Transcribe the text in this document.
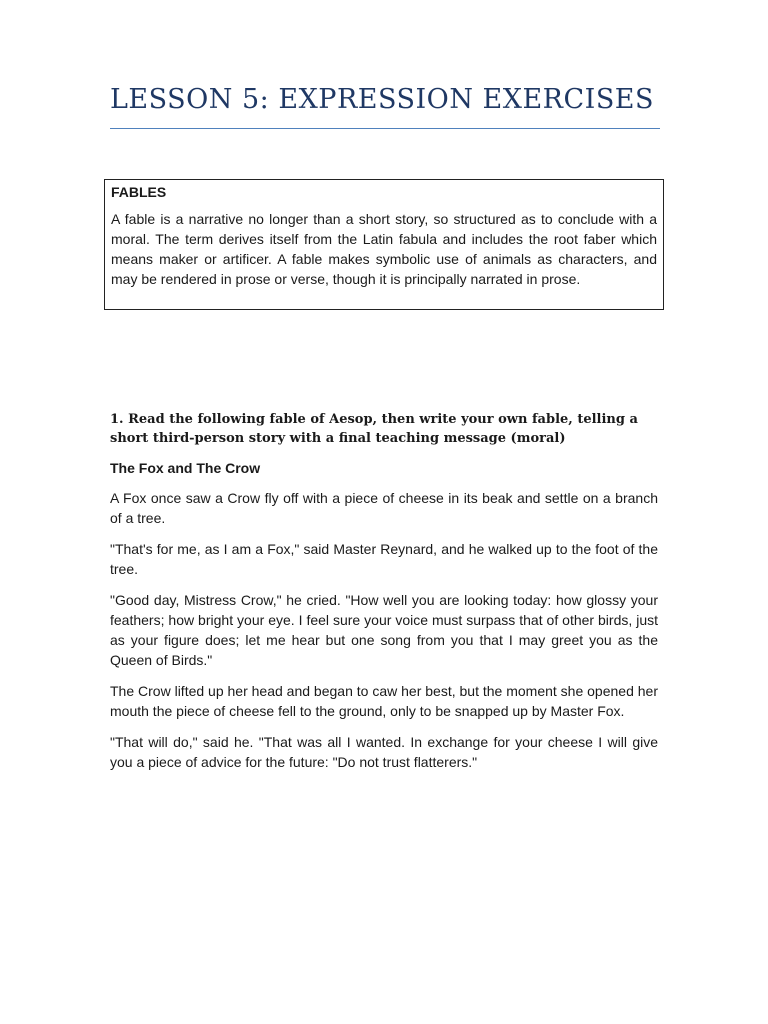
LESSON 5: EXPRESSION EXERCISES

FABLES

A fable is a narrative no longer than a short story, so structured as to conclude with a moral. The term derives itself from the Latin fabula and includes the root faber which means maker or artificer. A fable makes symbolic use of animals as characters, and may be rendered in prose or verse, though it is principally narrated in prose.

1. Read the following fable of Aesop, then write your own fable, telling a short third-person story with a final teaching message (moral)

The Fox and The Crow

A Fox once saw a Crow fly off with a piece of cheese in its beak and settle on a branch of a tree.

"That's for me, as I am a Fox," said Master Reynard, and he walked up to the foot of the tree.

"Good day, Mistress Crow," he cried. "How well you are looking today: how glossy your feathers; how bright your eye. I feel sure your voice must surpass that of other birds, just as your figure does; let me hear but one song from you that I may greet you as the Queen of Birds."

The Crow lifted up her head and began to caw her best, but the moment she opened her mouth the piece of cheese fell to the ground, only to be snapped up by Master Fox.

"That will do," said he. "That was all I wanted. In exchange for your cheese I will give you a piece of advice for the future: "Do not trust flatterers."
